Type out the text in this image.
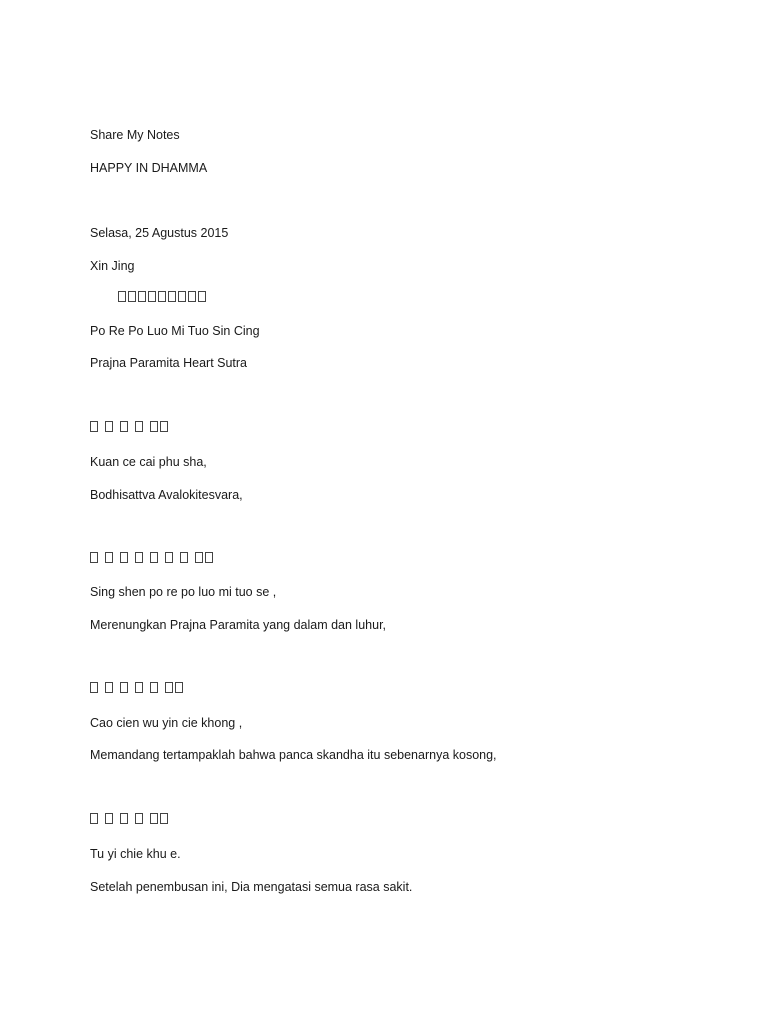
Share My Notes
HAPPY IN DHAMMA
Selasa, 25 Agustus 2015
Xin Jing
Po Re Po Luo Mi Tuo Sin Cing
Prajna Paramita Heart Sutra
Kuan ce cai phu sha,
Bodhisattva Avalokitesvara,
Sing shen po re po luo mi tuo se ,
Merenungkan Prajna Paramita yang dalam dan luhur,
Cao cien wu yin cie khong ,
Memandang tertampaklah bahwa panca skandha itu sebenarnya kosong,
Tu yi chie khu e.
Setelah penembusan ini, Dia mengatasi semua rasa sakit.
